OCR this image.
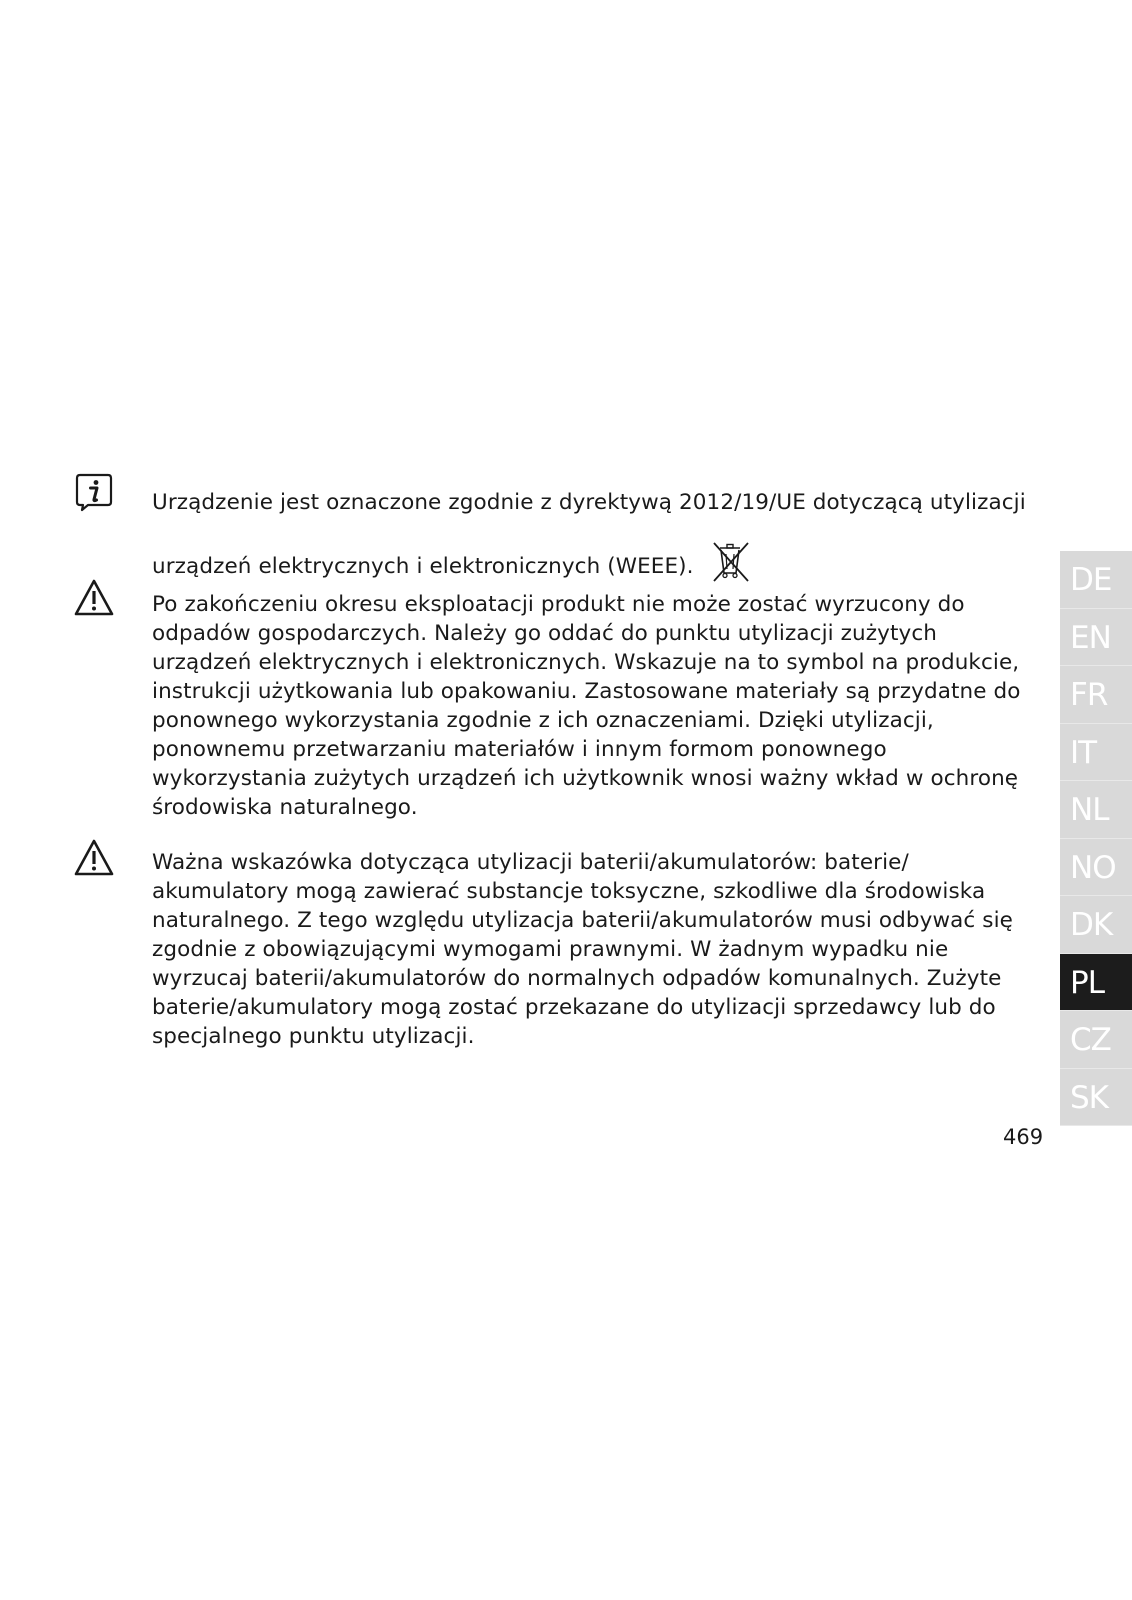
Urządzenie jest oznaczone zgodnie z dyrektywą 2012/19/UE dotyczącą utylizacji
urządzeń elektrycznych i elektronicznych (WEEE).

Po zakończeniu okresu eksploatacji produkt nie może zostać wyrzucony do odpadów gospodarczych. Należy go oddać do punktu utylizacji zużytych urządzeń elektrycznych i elektronicznych. Wskazuje na to symbol na produkcie, instrukcji użytkowania lub opakowaniu. Zastosowane materiały są przydatne do ponownego wykorzystania zgodnie z ich oznaczeniami. Dzięki utylizacji, ponownemu przetwarzaniu materiałów i innym formom ponownego wykorzystania zużytych urządzeń ich użytkownik wnosi ważny wkład w ochronę środowiska naturalnego.

Ważna wskazówka dotycząca utylizacji baterii/akumulatorów: baterie/ akumulatory mogą zawierać substancje toksyczne, szkodliwe dla środowiska naturalnego. Z tego względu utylizacja baterii/akumulatorów musi odbywać się zgodnie z obowiązującymi wymogami prawnymi. W żadnym wypadku nie wyrzucaj baterii/akumulatorów do normalnych odpadów komunalnych. Zużyte baterie/akumulatory mogą zostać przekazane do utylizacji sprzedawcy lub do specjalnego punktu utylizacji.

DE
EN
FR
IT
NL
NO
DK
PL
CZ
SK
469
